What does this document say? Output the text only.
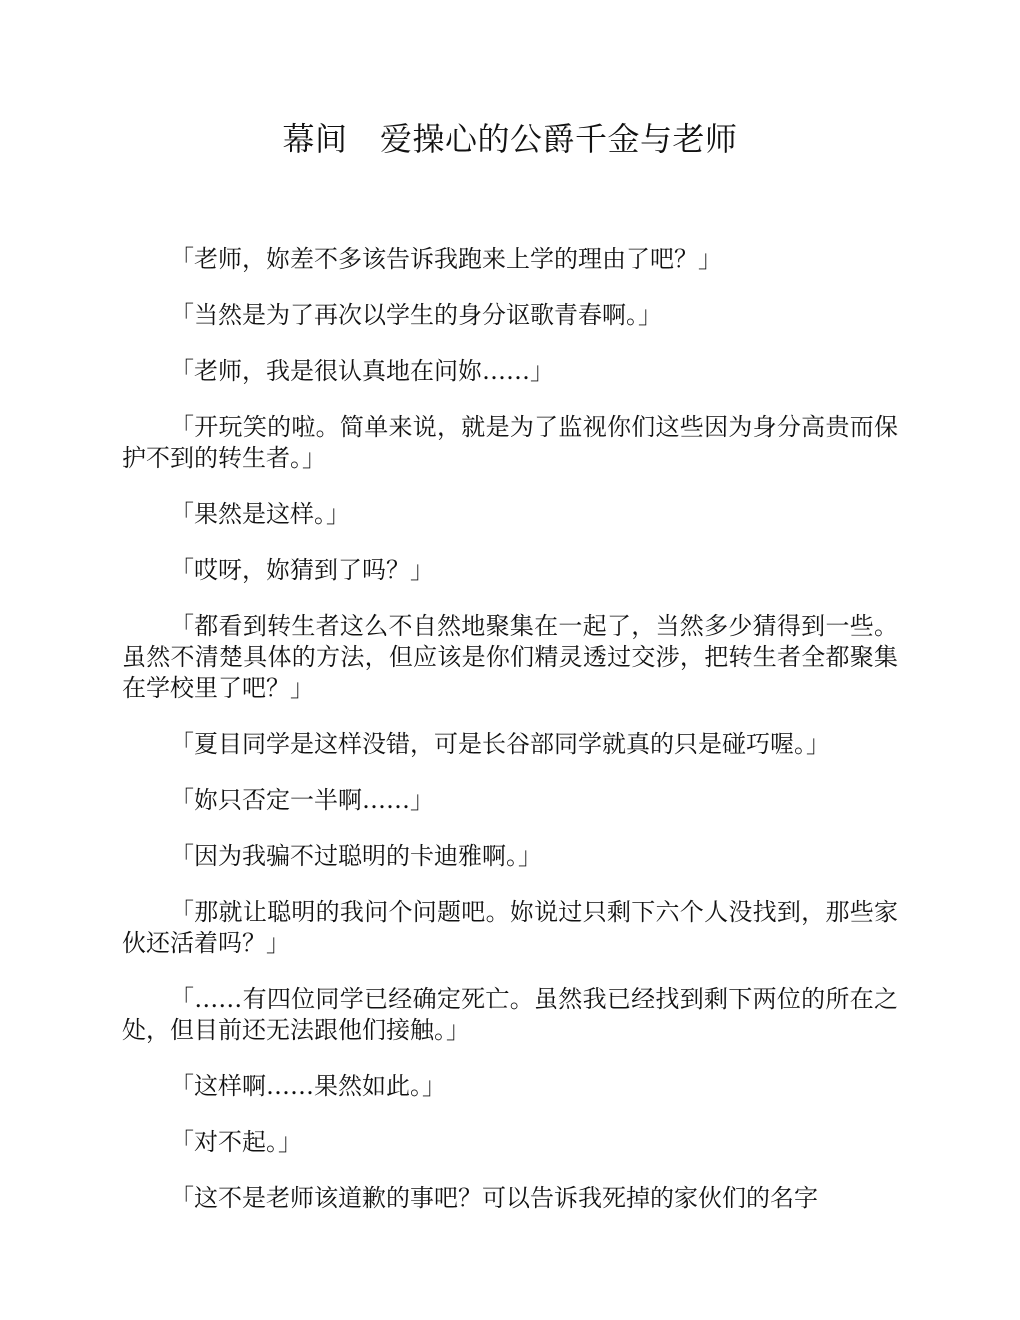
幕间　爱操心的公爵千金与老师

「老师，妳差不多该告诉我跑来上学的理由了吧？」

「当然是为了再次以学生的身分讴歌青春啊。」

「老师，我是很认真地在问妳……」

「开玩笑的啦。简单来说，就是为了监视你们这些因为身分高贵而保护不到的转生者。」

「果然是这样。」

「哎呀，妳猜到了吗？」

「都看到转生者这么不自然地聚集在一起了，当然多少猜得到一些。虽然不清楚具体的方法，但应该是你们精灵透过交涉，把转生者全都聚集在学校里了吧？」

「夏目同学是这样没错，可是长谷部同学就真的只是碰巧喔。」

「妳只否定一半啊……」

「因为我骗不过聪明的卡迪雅啊。」

「那就让聪明的我问个问题吧。妳说过只剩下六个人没找到，那些家伙还活着吗？」

「……有四位同学已经确定死亡。虽然我已经找到剩下两位的所在之处，但目前还无法跟他们接触。」

「这样啊……果然如此。」

「对不起。」

「这不是老师该道歉的事吧？可以告诉我死掉的家伙们的名字
